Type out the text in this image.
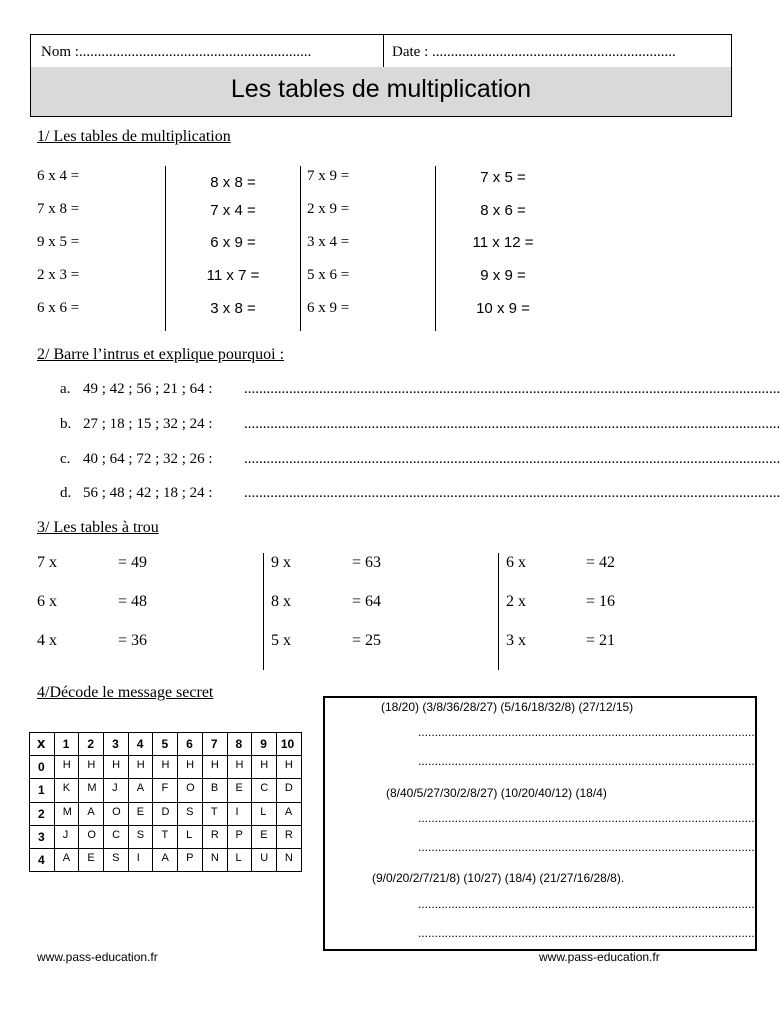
Nom :..............................................................	Date : .................................................................
Les tables de multiplication
1/ Les tables de multiplication
6 x 4 =
7 x 8 =
9 x 5 =
2 x 3 =
6 x 6 =
8 x 8 =
7 x 4 =
6 x 9 =
11 x 7 =
3 x 8 =
7 x 9 =
2 x 9 =
3 x 4 =
5 x 6 =
6 x 9 =
7 x 5 =
8 x 6 =
11 x 12 =
9 x 9 =
10 x 9 =
2/ Barre l’intrus et explique pourquoi :
a. 49 ; 42 ; 56 ; 21 ; 64 : ...............................................................................................................................................
b. 27 ; 18 ; 15 ; 32 ; 24 : ...............................................................................................................................................
c. 40 ; 64 ; 72 ; 32 ; 26 : ...............................................................................................................................................
d. 56 ; 48 ; 42 ; 18 ; 24 : ...............................................................................................................................................
3/ Les tables à trou
7 x	= 49
6 x	= 48
4 x	= 36
9 x	= 63
8 x	= 64
5 x	= 25
6 x	= 42
2 x	= 16
3 x	= 21
4/Décode le message secret
x	1	2	3	4	5	6	7	8	9	10

0	H	H	H	H	H	H	H	H	H	H

1	K	M	J	A	F	O	B	E	C	D

2	M	A	O	E	D	S	T	I	L	A

3	J	O	C	S	T	L	R	P	E	R

4	A	E	S	I	A	P	N	L	U	N
(18/20) (3/8/36/28/27) (5/16/18/32/8) (27/12/15)
......................................................................................................
......................................................................................................
(8/40/5/27/30/2/8/27) (10/20/40/12) (18/4)
......................................................................................................
......................................................................................................
(9/0/20/2/7/21/8) (10/27) (18/4) (21/27/16/28/8).
......................................................................................................
......................................................................................................
www.pass-education.fr	www.pass-education.fr
